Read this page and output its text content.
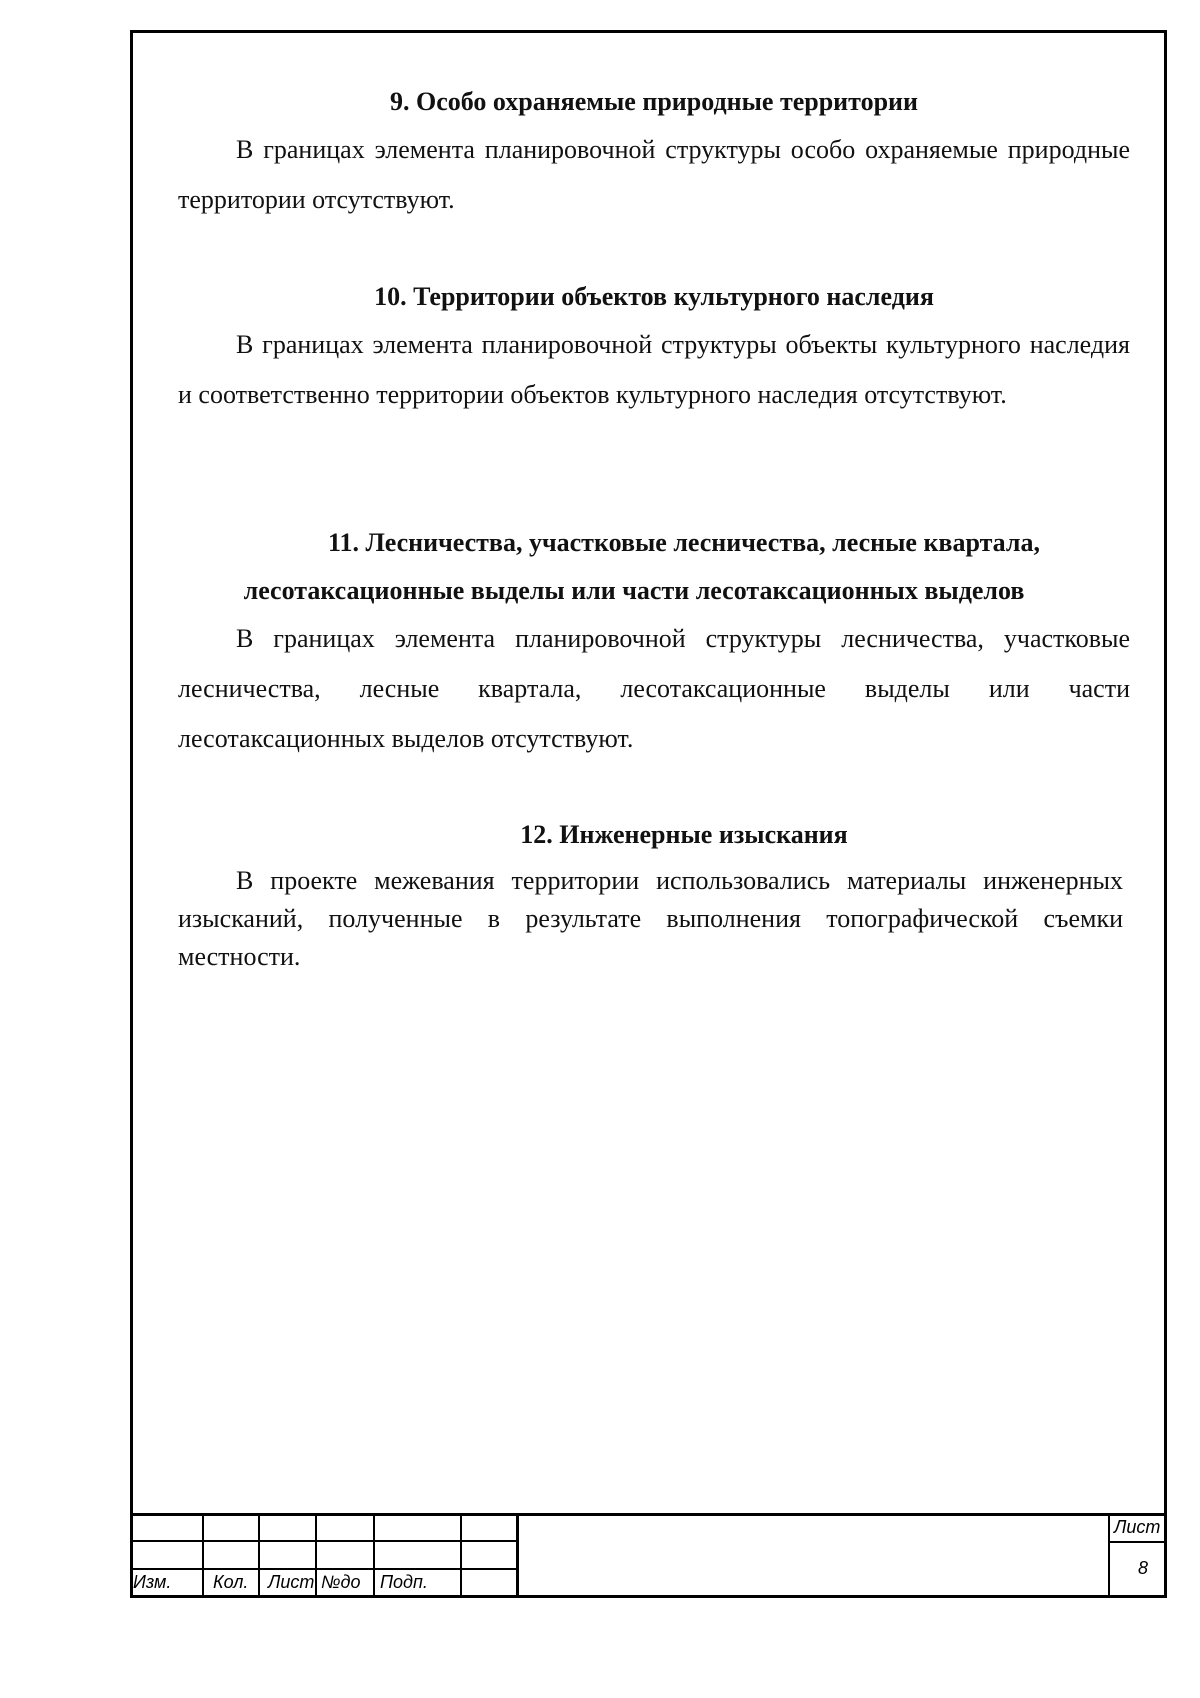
9. Особо охраняемые природные территории
В границах элемента планировочной структуры особо охраняемые природные территории отсутствуют.
10. Территории объектов культурного наследия
В границах элемента планировочной структуры объекты культурного наследия и соответственно территории объектов культурного наследия отсутствуют.
11. Лесничества, участковые лесничества, лесные квартала,
лесотаксационные выделы или части лесотаксационных выделов
В границах элемента планировочной структуры лесничества, участковые лесничества, лесные квартала, лесотаксационные выделы или части лесотаксационных выделов отсутствуют.
12. Инженерные изыскания
В проекте межевания территории использовались материалы инженерных изысканий, полученные в результате выполнения топографической съемки местности.
Изм. Кол. Лист №до Подп.
Лист
8
